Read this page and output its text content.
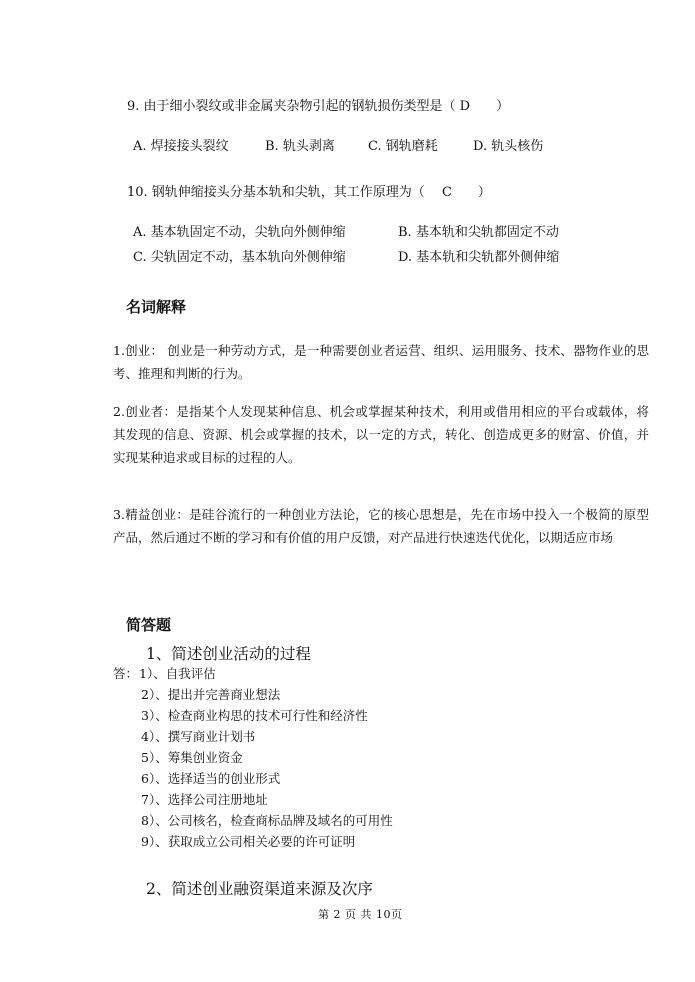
9. 由于细小裂纹或非金属夹杂物引起的钢轨损伤类型是（ D　　）
A. 焊接接头裂纹	B. 轨头剥离	C. 钢轨磨耗	D. 轨头核伤
10. 钢轨伸缩接头分基本轨和尖轨，其工作原理为（　 C　　）
A. 基本轨固定不动，尖轨向外侧伸缩	B. 基本轨和尖轨都固定不动
C. 尖轨固定不动，基本轨向外侧伸缩	D. 基本轨和尖轨都外侧伸缩
名词解释
1.创业： 创业是一种劳动方式，是一种需要创业者运营、组织、运用服务、技术、器物作业的思考、推理和判断的行为。
2.创业者：是指某个人发现某种信息、机会或掌握某种技术，利用或借用相应的平台或载体，将其发现的信息、资源、机会或掌握的技术，以一定的方式，转化、创造成更多的财富、价值，并实现某种追求或目标的过程的人。
3.精益创业：是硅谷流行的一种创业方法论，它的核心思想是，先在市场中投入一个极简的原型产品，然后通过不断的学习和有价值的用户反馈，对产品进行快速迭代优化，以期适应市场
简答题
1、简述创业活动的过程
答： 1）、自我评估
2）、提出并完善商业想法
3）、检查商业构思的技术可行性和经济性
4）、撰写商业计划书
5）、筹集创业资金
6）、选择适当的创业形式
7）、选择公司注册地址
8）、公司核名，检查商标品牌及域名的可用性
9）、获取成立公司相关必要的许可证明
2、简述创业融资渠道来源及次序
第 2 页 共 10页
